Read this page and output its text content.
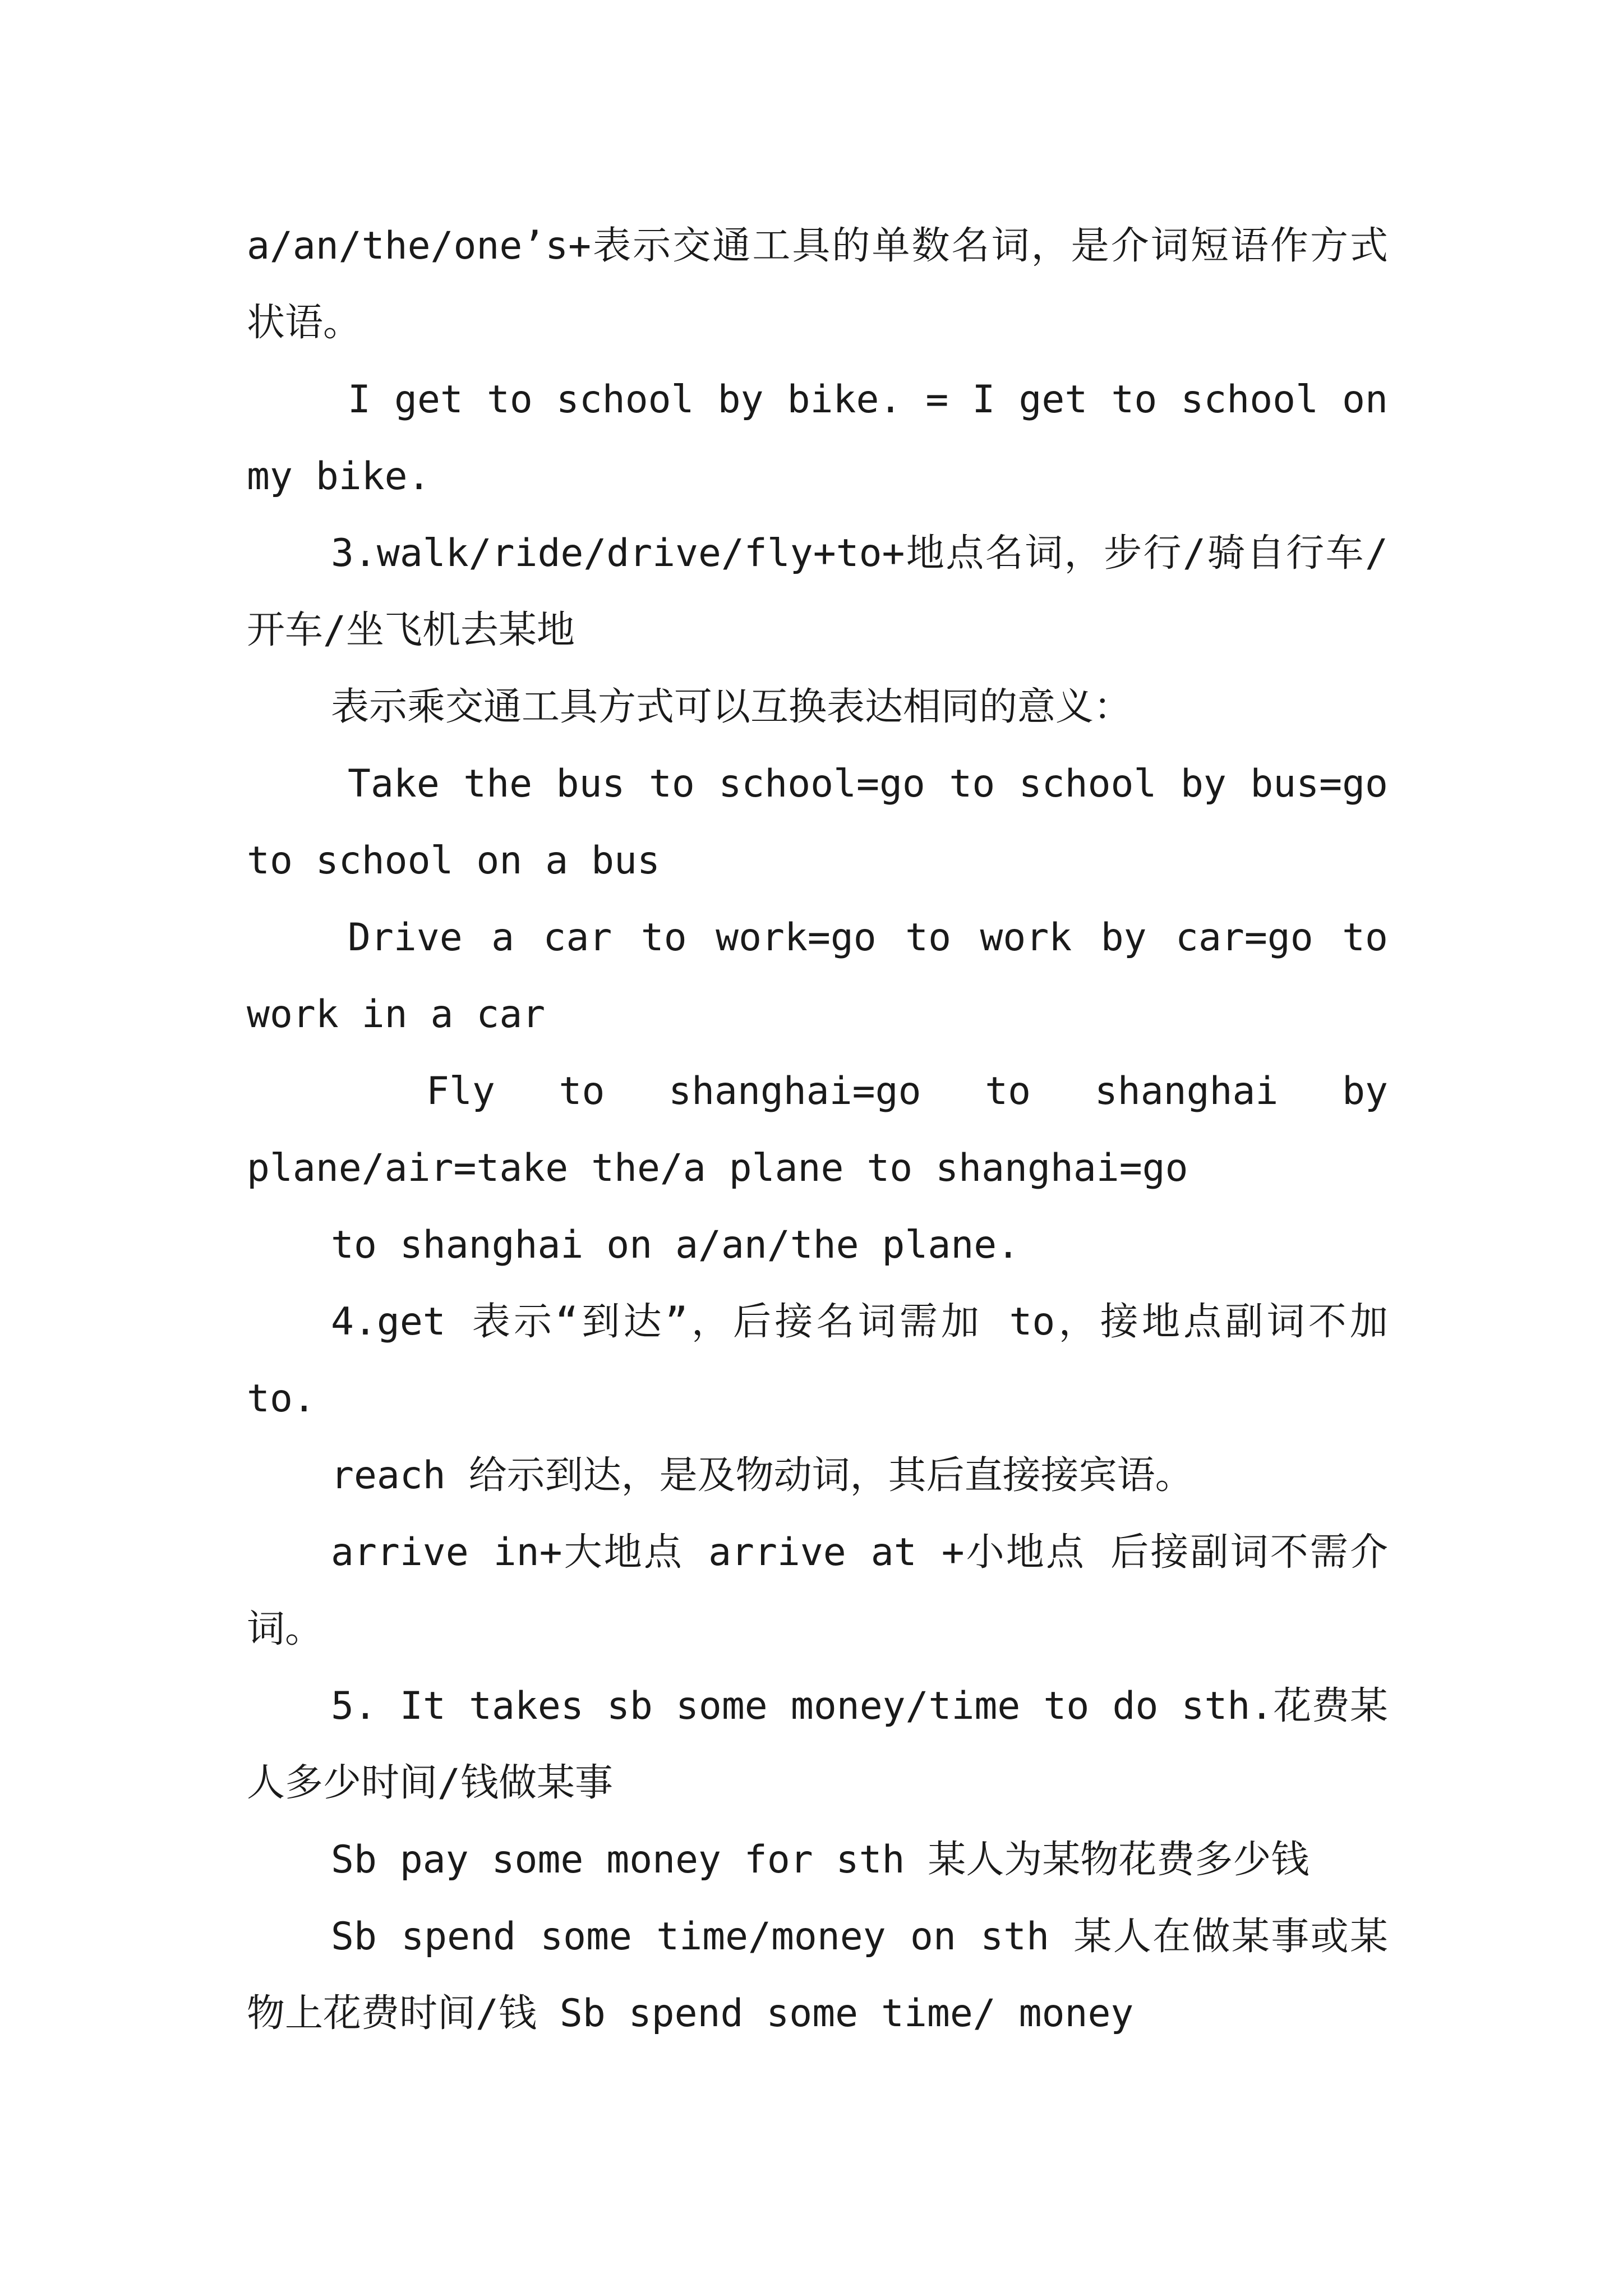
a/an/the/one’s+表示交通工具的单数名词，是介词短语作方式状语。

I get to school by bike. = I get to school on my bike.

3.walk/ride/drive/fly+to+地点名词，步行/骑自行车/开车/坐飞机去某地

表示乘交通工具方式可以互换表达相同的意义：

Take the bus to school=go to school by bus=go to school on a bus

Drive a car to work=go to work by car=go to work in a car

Fly to shanghai=go to shanghai by plane/air=take the/a plane to shanghai=go

to shanghai on a/an/the plane.

4.get 表示“到达”，后接名词需加 to，接地点副词不加 to.

reach 给示到达，是及物动词，其后直接接宾语。

arrive in+大地点 arrive at +小地点 后接副词不需介词。

5. It takes sb some money/time to do sth.花费某人多少时间/钱做某事

Sb pay some money for sth 某人为某物花费多少钱

Sb spend some time/money on sth 某人在做某事或某物上花费时间/钱 Sb spend some time/ money
